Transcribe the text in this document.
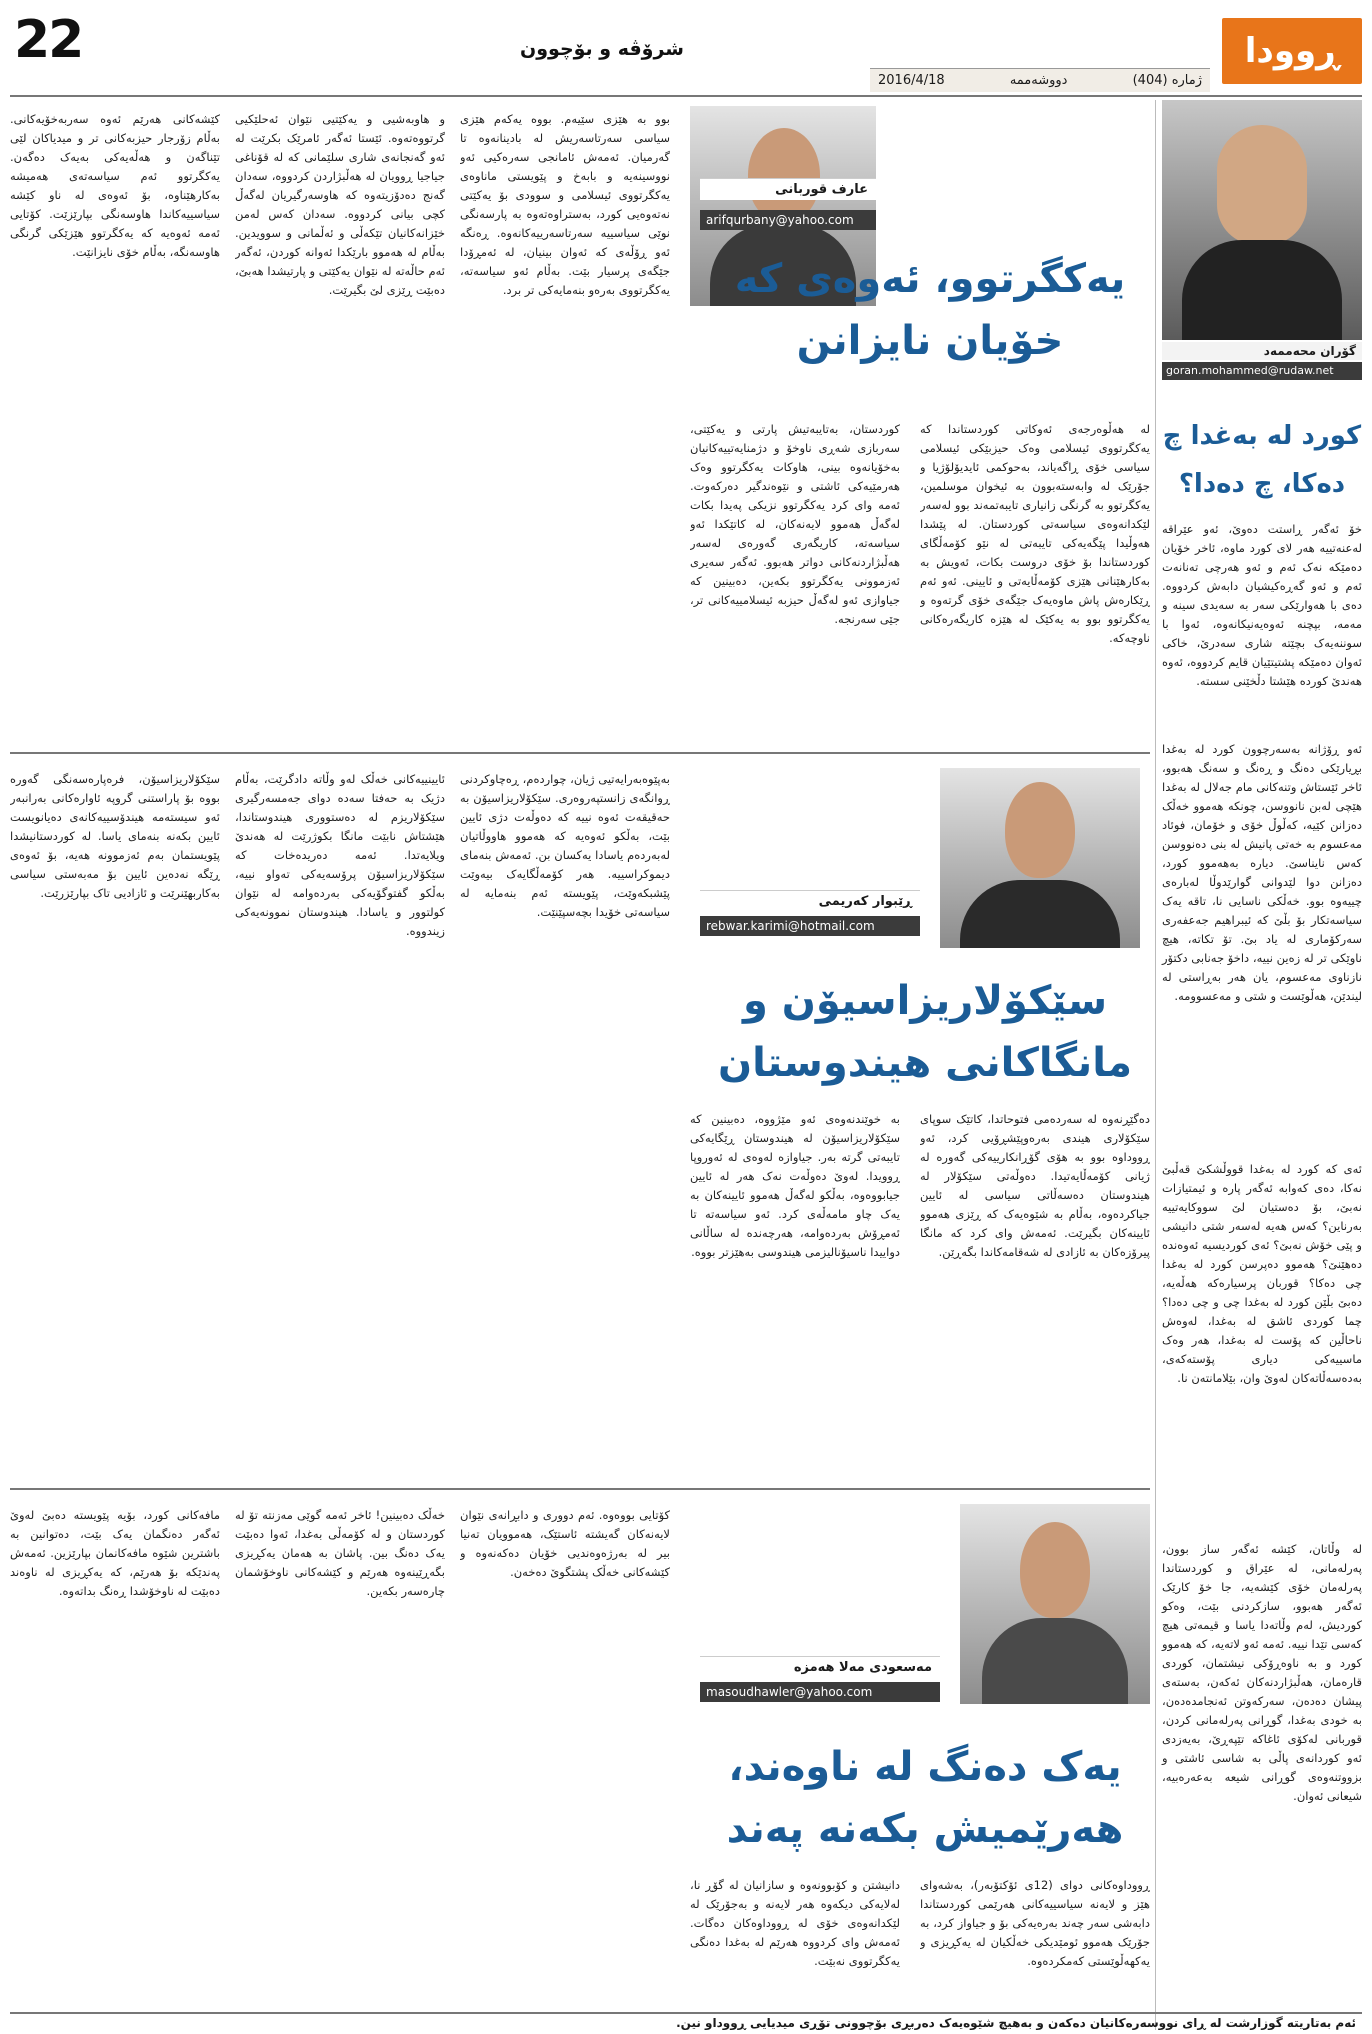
22	شرۆڤە و بۆچوون
ژمارە (404)
دووشەممە
2016/4/18
ڕوودا
گۆران محەممەد
goran.mohammed@rudaw.net
کورد لە بەغدا چ دەکا، چ دەدا؟
خۆ ئەگەر ڕاستت دەوێ، ئەو عێراقە لەعنەتییە هەر لای کورد ماوە، ئاخر خۆیان دەمێکە نەک ئەم و ئەو هەرچی تەنانەت ئەم و ئەو گەڕەکیشیان دابەش کردووە. دەی با هەوارێکی سەر بە سەیدی سینە و مەمە، بپچنە ئەوەیەنیکانەوە، ئەوا با سوننەیەک بچێتە شاری سەدرێ، خاکی ئەوان دەمێکە پشتیتێیان قایم کردووە، ئەوە هەندێ کوردە هێشتا دڵخێنی سستە.
ئەو ڕۆژانە بەسەرچوون کورد لە بەغدا بڕیارێکی دەنگ و ڕەنگ و سەنگ هەبوو، ئاخر ئێستاش وتنەکانی مام جەلال لە بەغدا هێچی لەبن نانووسن، چونکە هەموو خەڵک دەزانن کێیە، کەڵوڵ خۆی و خۆمان، فوئاد مەعسوم بە خەتی پانیش لە بنی دەنووسن کەس نایناسێ. دیارە بەهەموو کورد، دەزانن دوا لێدوانی گوارێدوڵا لەبارەی چییەوە بوو. خەڵکی ناسایی نا، تاقە یەک سیاسەتکار بۆ بڵێ کە ئیبراهیم جەعفەری سەرکۆماری لە یاد بێ. تۆ تکاتە، هیچ ناوێکی تر لە زەین نییە، داخۆ جەنابی دکتۆر نازناوی مەعسوم، یان هەر بەڕاستی لە لیندێن، هەڵوێست و شتی و مەعسوومە.
ئەی کە کورد لە بەغدا قووڵشکێ قەڵبێ نەکا، دەی کەوابە ئەگەر پارە و ئیمتیازات نەبێ، بۆ دەستیان لێ سووکایەتییە بەرناین؟ کەس هەیە لەسەر شتی دانیشی و پێی خۆش نەبێ؟ ئەی کوردیسیە ئەوەندە دەهێنێ؟ هەموو دەپرسن کورد لە بەغدا چی دەکا؟ قوربان پرسیارەکە هەڵەیە، دەبێ بڵێن کورد لە بەغدا چی و چی دەدا؟ چما کوردی ئاشق لە بەغدا، لەوەش ناحاڵین کە پۆست لە بەغدا، هەر وەک ماسییەکی دیاری پۆستەکەی، بەدەسەڵاتەکان لەوێ وان، بێلامانتەن نا.
لە وڵاتان، کێشە ئەگەر ساز بوون، پەرلەمانی، لە عێراق و کوردستاندا پەرلەمان خۆی کێشەیە، جا خۆ کارێک ئەگەر هەبوو، سازکردنی بێت، وەکو کوردیش، لەم وڵاتەدا یاسا و قیمەتی هیچ کەسی تێدا نییە. ئەمە ئەو لاتەیە، کە هەموو کورد و بە ناوەڕۆکی نیشتمان، کوردی قارەمان، هەڵبژاردنەکان ئەکەن، بەستەی پیشان دەدەن، سەرکەوتن ئەنجامدەدەن، بە خودی بەغدا، گوڕانی پەرلەمانی کردن، قوربانی لەکۆی ئاغاکە تێپەڕێ، بەیەزدی ئەو کوردانەی پاڵی بە شاسی ئاشتی و بزووتنەوەی گوڕانی شیعە بەعەرەبیە، شیعانی ئەوان.
عارف قوربانی
arifqurbany@yahoo.com
یەکگرتوو، ئەوەی کە خۆیان نایزانن
کێشەکانی هەرێم ئەوە سەربەخۆیەکانی. بەڵام زۆرجار حیزبەکانی تر و میدیاکان لێی تێناگەن و هەڵەیەکی بەیەک دەگەن. یەکگرتوو ئەم سیاسەتەی هەمیشە بەکارهێناوە، بۆ ئەوەی لە ناو کێشە سیاسییەکاندا هاوسەنگی بپارێزێت. کۆتایی ئەمە ئەوەیە کە یەکگرتوو هێزێکی گرنگی هاوسەنگە، بەڵام خۆی نایزانێت.
و هاوبەشیی و یەکێتیی نێوان ئەحلێکیی گرتووەتەوە. ئێستا ئەگەر ئامرێک بکرێت لە ئەو گەنجانەی شاری سلێمانی کە لە قۆناغی جیاجیا ڕوویان لە هەڵبژاردن کردووە، سەدان گەنج دەدۆزیتەوە کە هاوسەرگیریان لەگەڵ کچی بیانی کردووە. سەدان کەس لەمن خێزانەکانیان تێکەڵی و ئەڵمانی و سوویدین. بەڵام لە هەموو بارێکدا ئەوانە کوردن، ئەگەر ئەم حاڵەتە لە نێوان یەکێتی و پارتیشدا هەبێ، دەبێت ڕێزی لێ بگیرێت.
بوو بە هێزی سێیەم. بووە یەکەم هێزی سیاسی سەرتاسەریش لە بادینانەوە تا گەرمیان. ئەمەش ئامانجی سەرەکیی ئەو نووسینەیە و بابەخ و پێویستی ماناوەی یەکگرتووی ئیسلامی و سوودی بۆ یەکێتی نەتەوەیی کورد، بەستراوەتەوە بە پارسەنگی نوێی سیاسییە سەرتاسەرییەکانەوە. ڕەنگە ئەو ڕۆڵەی کە ئەوان بینیان، لە ئەمڕۆدا جێگەی پرسیار بێت. بەڵام ئەو سیاسەتە، یەکگرتووی بەرەو بنەمایەکی تر برد.
کوردستان، بەتایبەتیش پارتی و یەکێتی، سەربازی شەڕی ناوخۆ و دژمنایەتییەکانیان بەخۆیانەوە بینی، هاوکات یەکگرتوو وەک هەرمێیەکی ئاشتی و نێوەندگیر دەرکەوت. ئەمە وای کرد یەکگرتوو نزیکی پەیدا بکات لەگەڵ هەموو لایەنەکان، لە کاتێکدا ئەو سیاسەتە، کاریگەری گەورەی لەسەر هەڵبژاردنەکانی دواتر هەبوو. ئەگەر سەیری ئەزموونی یەکگرتوو بکەین، دەبینین کە جیاوازی ئەو لەگەڵ حیزبە ئیسلامییەکانی تر، جێی سەرنجە.
لە هەڵوەرجەی ئەوکاتی کوردستاندا کە یەکگرتووی ئیسلامی وەک حیزبێکی ئیسلامی سیاسی خۆی ڕاگەیاند، بەحوکمی ئایدیۆلۆژیا و جۆرێک لە وابەستەبوون بە ئیخوان موسلمین، یەکگرتوو بە گرنگی زانیاری تایبەتمەند بوو لەسەر لێکدانەوەی سیاسەتی کوردستان. لە پێشدا هەوڵیدا پێگەیەکی تایبەتی لە نێو کۆمەڵگای کوردستاندا بۆ خۆی دروست بکات، ئەویش بە بەکارهێنانی هێزی کۆمەڵایەتی و ئایینی. ئەو ئەم ڕێکارەش پاش ماوەیەک جێگەی خۆی گرتەوە و یەکگرتوو بوو بە یەکێک لە هێزە کاریگەرەکانی ناوچەکە.
ڕێبوار کەریمی
rebwar.karimi@hotmail.com
سێکۆلاریزاسیۆن و مانگاکانی هیندوستان
سێکۆلاریزاسیۆن، فرەپارەسەنگی گەورە بووە بۆ پاراستنی گروپە ئاوارەکانی بەرانبەر ئەو سیستەمە هیندۆسییەکانەی دەیانویست ئایین بکەنە بنەمای یاسا. لە کوردستانیشدا پێویستمان بەم ئەزموونە هەیە، بۆ ئەوەی ڕێگە نەدەین ئایین بۆ مەبەستی سیاسی بەکاربهێنرێت و ئازادیی تاک بپارێزرێت.
ئایینییەکانی خەڵک لەو وڵاتە دادگرێت، بەڵام دژیک بە حەفتا سەدە دوای جەمسەرگیری سێکۆلاریزم لە دەستووری هیندوستاندا، هێشتاش نابێت مانگا بکوژرێت لە هەندێ ویلایەتدا. ئەمە دەریدەخات کە سێکۆلاریزاسیۆن پرۆسەیەکی تەواو نییە، بەڵکو گفتوگۆیەکی بەردەوامە لە نێوان کولتوور و یاسادا. هیندوستان نموونەیەکی زیندووە.
بەپێوەبەرایەتیی ژیان، چواردەم، ڕەچاوکردنی ڕوانگەی زانستپەروەری. سێکۆلاریزاسیۆن بە حەقیقەت ئەوە نییە کە دەوڵەت دژی ئایین بێت، بەڵکو ئەوەیە کە هەموو هاووڵاتیان لەبەردەم یاسادا یەکسان بن. ئەمەش بنەمای دیموکراسییە. هەر کۆمەڵگایەک بیەوێت پێشبکەوێت، پێویستە ئەم بنەمایە لە سیاسەتی خۆیدا بچەسپێنێت.
بە خوێندنەوەی ئەو مێژووە، دەبینین کە سێکۆلاریزاسیۆن لە هیندوستان ڕێگایەکی تایبەتی گرتە بەر. جیاوازە لەوەی لە ئەوروپا ڕوویدا. لەوێ دەوڵەت نەک هەر لە ئایین جیابووەوە، بەڵکو لەگەڵ هەموو ئایینەکان بە یەک چاو مامەڵەی کرد. ئەو سیاسەتە تا ئەمڕۆش بەردەوامە، هەرچەندە لە ساڵانی دواییدا ناسیۆنالیزمی هیندوسی بەهێزتر بووە.
دەگێڕنەوە لە سەردەمی فتوحاتدا، کاتێک سوپای سێکۆلاری هیندی بەرەوپێشڕۆیی کرد، ئەو ڕووداوە بوو بە هۆی گۆڕانکارییەکی گەورە لە ژیانی کۆمەڵایەتیدا. دەوڵەتی سێکۆلار لە هیندوستان دەسەڵاتی سیاسی لە ئایین جیاکردەوە، بەڵام بە شێوەیەک کە ڕێزی هەموو ئایینەکان بگیرێت. ئەمەش وای کرد کە مانگا پیرۆزەکان بە ئازادی لە شەقامەکاندا بگەڕێن.
مەسعودی مەلا هەمزە
masoudhawler@yahoo.com
یەک دەنگ لە ناوەند، هەرێمیش بکەنە پەند
مافەکانی کورد، بۆیە پێویستە دەبێ لەوێ ئەگەر دەنگمان یەک بێت، دەتوانین بە باشترین شێوە مافەکانمان بپارێزین. ئەمەش پەندێکە بۆ هەرێم، کە یەکڕیزی لە ناوەند دەبێت لە ناوخۆشدا ڕەنگ بداتەوە.
خەڵک دەبینین! ئاخر ئەمە گوێی مەزنتە تۆ لە کوردستان و لە کۆمەڵی بەغدا، ئەوا دەبێت یەک دەنگ بین. پاشان بە هەمان یەکڕیزی بگەڕێینەوە هەرێم و کێشەکانی ناوخۆشمان چارەسەر بکەین.
کۆتایی بووەوە. ئەم دووری و دابڕانەی نێوان لایەنەکان گەیشتە ئاستێک، هەموویان تەنیا بیر لە بەرژەوەندیی خۆیان دەکەنەوە و کێشەکانی خەڵک پشتگوێ دەخەن.
دانیشتن و کۆبوونەوە و سازانیان لە گۆڕ نا، لەلایەکی دیکەوە هەر لایەنە و بەجۆرێک لە لێکدانەوەی خۆی لە ڕووداوەکان دەگات. ئەمەش وای کردووە هەرێم لە بەغدا دەنگی یەکگرتووی نەبێت.
ڕووداوەکانی دوای (12ی ئۆکتۆبەر)، بەشەوای هێز و لایەنە سیاسییەکانی هەرێمی کوردستاندا دابەشی سەر چەند بەرەیەکی بۆ و جیاواز کرد، بە جۆرێک هەموو ئومێدیکی خەڵکیان لە یەکڕیزی و یەکهەڵوێستی کەمکردەوە.
ئەم بەتاریتە گوزارشت لە ڕای نووسەرەکانیان دەکەن و بەهیچ شێوەیەک دەربڕی بۆچوونی تۆڕی میدیایی ڕووداو نین.
